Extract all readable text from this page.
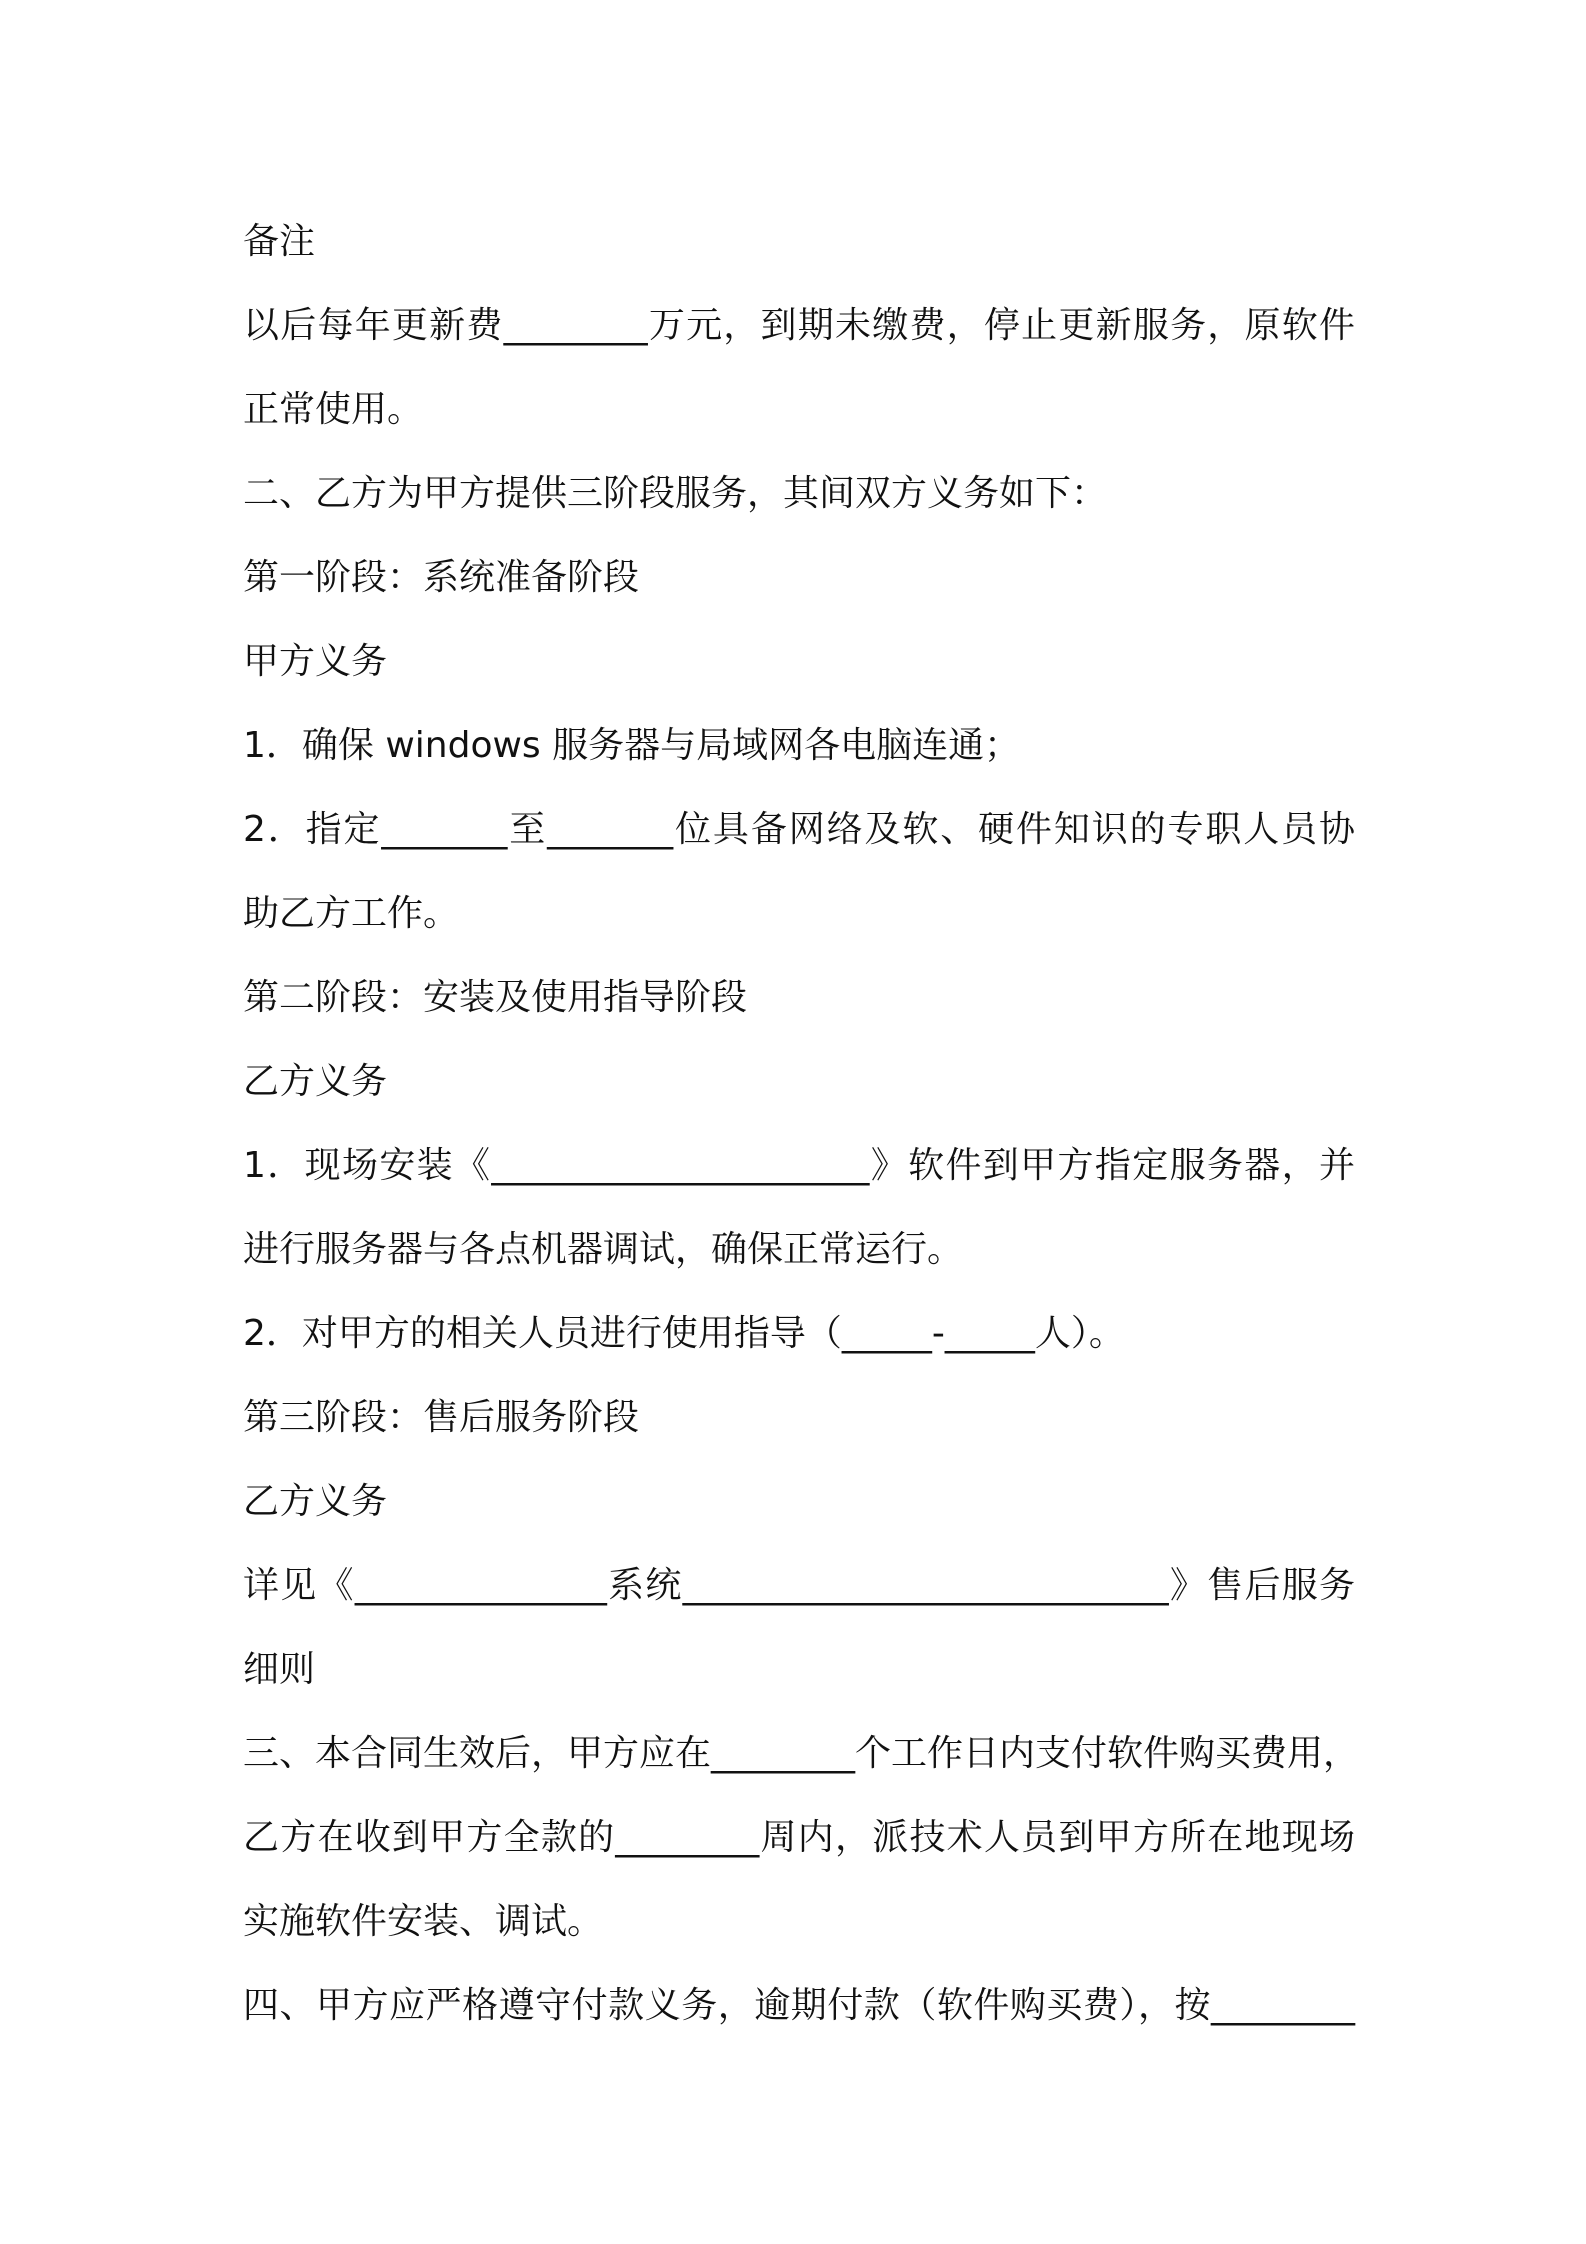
备注
以后每年更新费________万元，到期未缴费，停止更新服务，原软件
正常使用。
二、乙方为甲方提供三阶段服务，其间双方义务如下：
第一阶段：系统准备阶段
甲方义务
1．确保 windows 服务器与局域网各电脑连通；
2．指定_______至_______位具备网络及软、硬件知识的专职人员协
助乙方工作。
第二阶段：安装及使用指导阶段
乙方义务
1．现场安装《_____________________》软件到甲方指定服务器，并
进行服务器与各点机器调试，确保正常运行。
2．对甲方的相关人员进行使用指导（_____-_____人）。
第三阶段：售后服务阶段
乙方义务
详见《______________系统___________________________》售后服务
细则
三、本合同生效后，甲方应在________个工作日内支付软件购买费用，
乙方在收到甲方全款的________周内，派技术人员到甲方所在地现场
实施软件安装、调试。
四、甲方应严格遵守付款义务，逾期付款（软件购买费），按________
